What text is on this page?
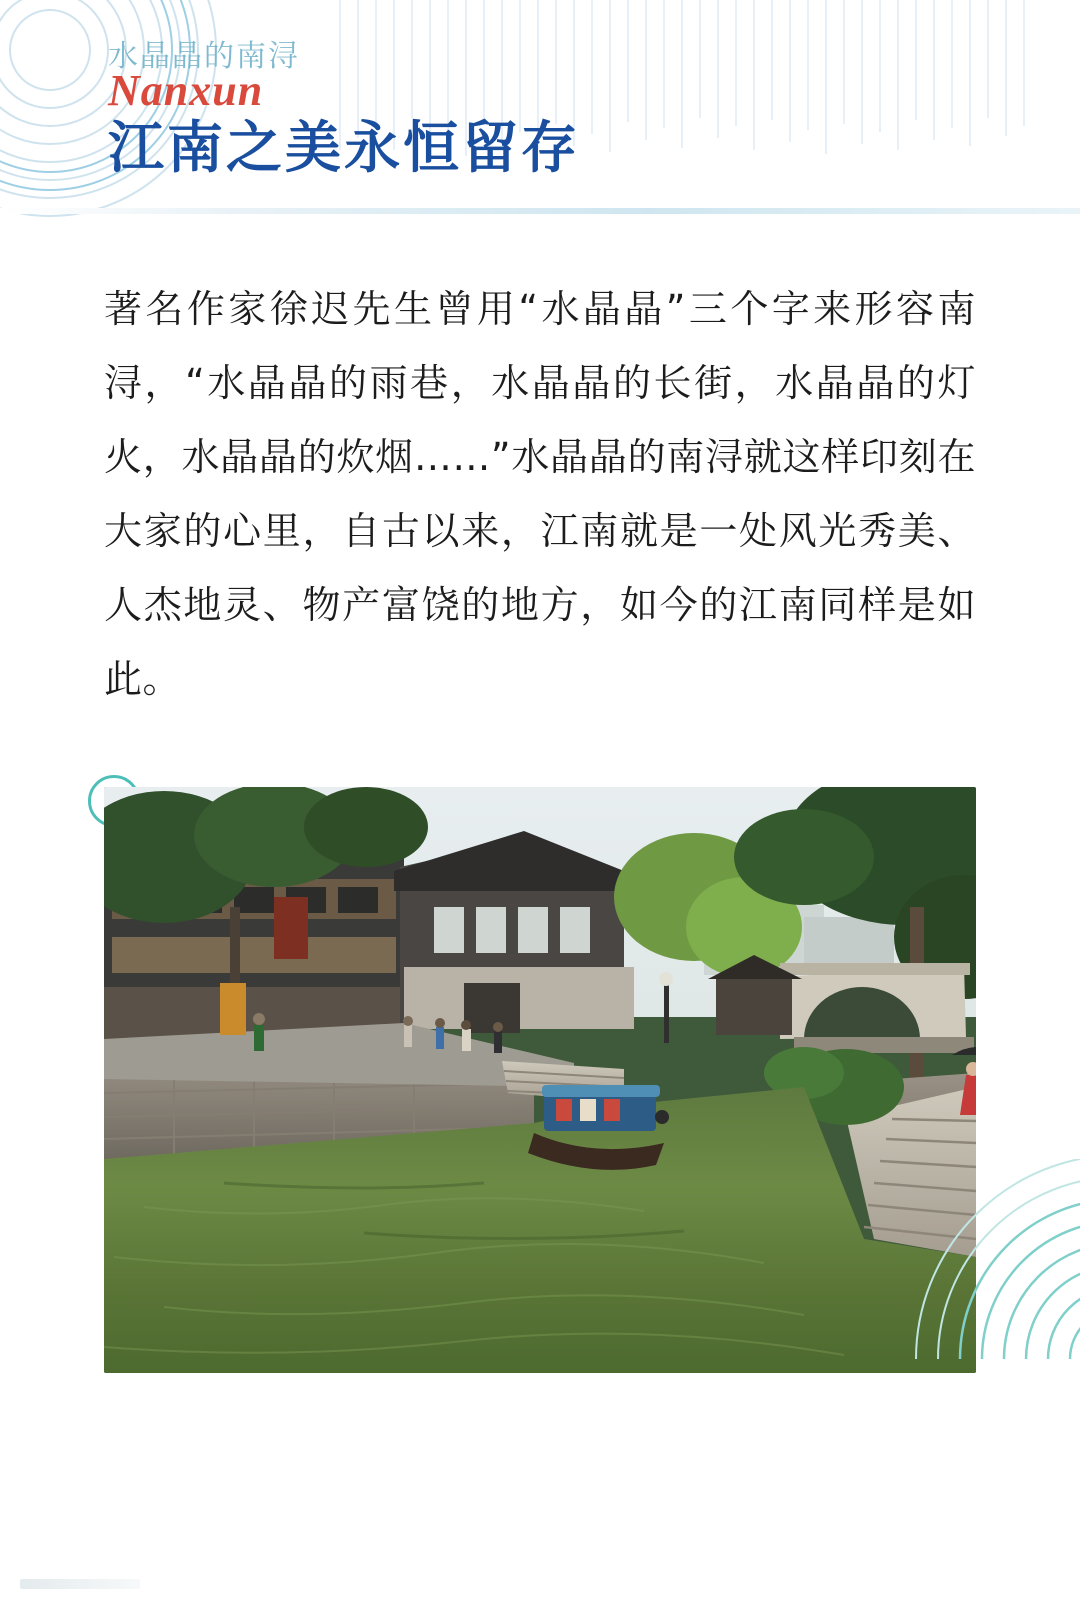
水晶晶的南浔
Nanxun
江南之美永恒留存

著名作家徐迟先生曾用“水晶晶”三个字来形容南浔，“水晶晶的雨巷，水晶晶的长街，水晶晶的灯火，水晶晶的炊烟……”水晶晶的南浔就这样印刻在大家的心里，自古以来，江南就是一处风光秀美、人杰地灵、物产富饶的地方，如今的江南同样是如此。
